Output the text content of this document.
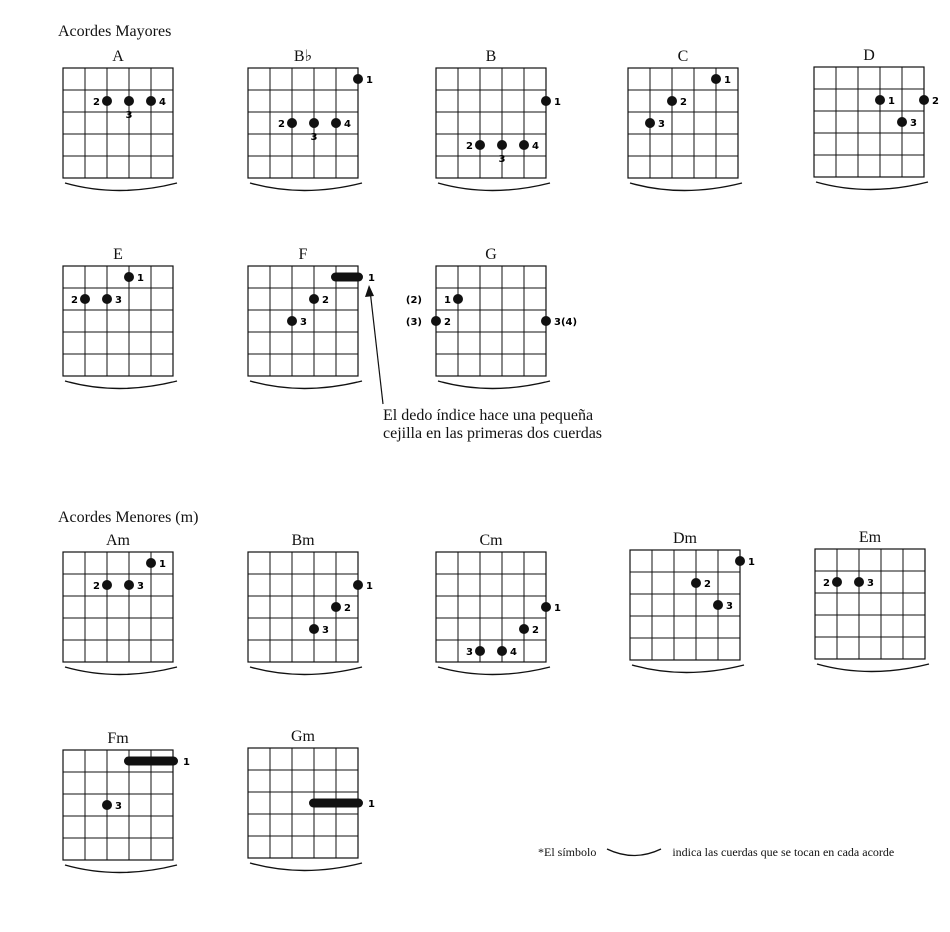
Acordes Mayores
Acordes Menores (m)
A
2
3
4
B♭
1
2
3
4
B
1
2
3
4
C
1
2
3
D
1	2
3
E
1
2	3
F
1
2
3
G
1
2	3(4)
(2)
(3)
Am
1
2	3
Bm
1
2
3
Cm
1
2
3	4
Dm
1
2
3
Em
2	3
Fm
1
3
Gm
1
El dedo índice hace una pequeña
cejilla en las primeras dos cuerdas
*El símbolo	indica las cuerdas que se tocan en cada acorde
